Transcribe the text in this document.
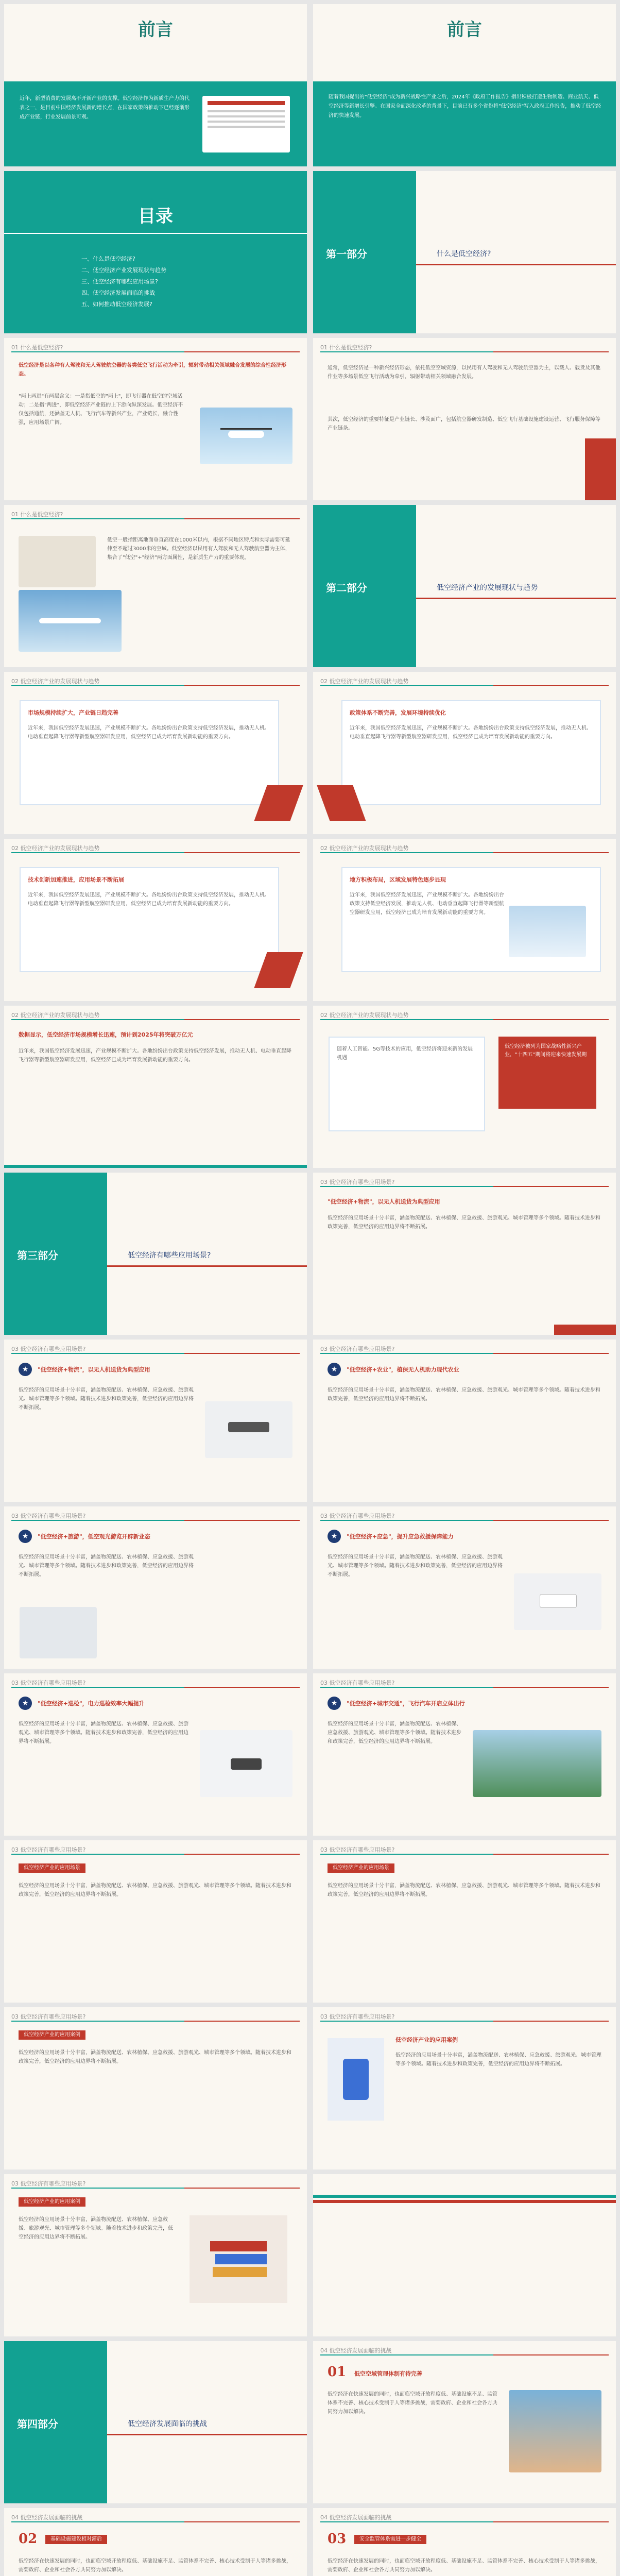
前言
近年，新型消费的发展离不开新产业的支撑。低空经济作为新质生产力的代表之一，是目前中国经济发展新的增长点，在国家政策的推动下已经逐渐形成产业链，行业发展前景可观。
前言
随着我国提出的"低空经济"成为新兴战略性产业之后，2024年《政府工作报告》指出积极打造生物制造、商业航天、低空经济等新增长引擎。在国家全面深化改革的背景下，目前已有多个省份将"低空经济"写入政府工作报告，推动了低空经济的快速发展。
目录
一、什么是低空经济?
二、低空经济产业发展现状与趋势
三、低空经济有哪些应用场景?
四、低空经济发展面临的挑战
五、如何推动低空经济发展?
第一部分	什么是低空经济?
01 什么是低空经济?
低空经济是以各种有人驾驶和无人驾驶航空器的各类低空飞行活动为牵引，辐射带动相关领域融合发展的综合性经济形态。
"两上两进"有两层含义：一是指低空的"两上"，即飞行器在低空的空域活动；二是指"两进"，即低空经济产业链的上下游向纵深发展。低空经济不仅包括通航，还涵盖无人机、飞行汽车等新兴产业，产业链长，融合性强，应用场景广阔。
01 什么是低空经济?
通常，低空经济是一种新兴经济形态，依托低空空域资源，以民用有人驾驶和无人驾驶航空器为主，以载人、载货及其他作业等多场景低空飞行活动为牵引，辐射带动相关领域融合发展。
其次，低空经济的重要特征是产业链长、涉及面广，包括航空器研发制造、低空飞行基础设施建设运营、飞行服务保障等产业链条。
01 什么是低空经济?
低空一般指距离地面垂直高度在1000米以内，根据不同地区特点和实际需要可延伸至不超过3000米的空域。低空经济以民用有人驾驶和无人驾驶航空器为主体，集合了"低空"+"经济"两方面属性，是新质生产力的重要体现。
第二部分	低空经济产业的发展现状与趋势
02 低空经济产业的发展现状与趋势
市场规模持续扩大，产业链日趋完善
近年来，我国低空经济发展迅速，产业规模不断扩大。各地纷纷出台政策支持低空经济发展，推动无人机、电动垂直起降飞行器等新型航空器研发应用，低空经济已成为培育发展新动能的重要方向。
02 低空经济产业的发展现状与趋势
政策体系不断完善，发展环境持续优化
近年来，我国低空经济发展迅速，产业规模不断扩大。各地纷纷出台政策支持低空经济发展，推动无人机、电动垂直起降飞行器等新型航空器研发应用，低空经济已成为培育发展新动能的重要方向。
02 低空经济产业的发展现状与趋势
技术创新加速推进，应用场景不断拓展
近年来，我国低空经济发展迅速，产业规模不断扩大。各地纷纷出台政策支持低空经济发展，推动无人机、电动垂直起降飞行器等新型航空器研发应用，低空经济已成为培育发展新动能的重要方向。
02 低空经济产业的发展现状与趋势
地方积极布局，区域发展特色逐步显现
近年来，我国低空经济发展迅速，产业规模不断扩大。各地纷纷出台政策支持低空经济发展，推动无人机、电动垂直起降飞行器等新型航空器研发应用，低空经济已成为培育发展新动能的重要方向。
02 低空经济产业的发展现状与趋势
数据显示，低空经济市场规模增长迅速，预计到2025年将突破万亿元
近年来，我国低空经济发展迅速，产业规模不断扩大。各地纷纷出台政策支持低空经济发展，推动无人机、电动垂直起降飞行器等新型航空器研发应用，低空经济已成为培育发展新动能的重要方向。
02 低空经济产业的发展现状与趋势
随着人工智能、5G等技术的应用，低空经济将迎来新的发展机遇
低空经济被列为国家战略性新兴产业，"十四五"期间将迎来快速发展期
第三部分	低空经济有哪些应用场景?
03 低空经济有哪些应用场景?
"低空经济+物流"，以无人机送货为典型应用
低空经济的应用场景十分丰富，涵盖物流配送、农林植保、应急救援、旅游观光、城市管理等多个领域。随着技术进步和政策完善，低空经济的应用边界将不断拓展。
03 低空经济有哪些应用场景?
★	"低空经济+物流"，以无人机送货为典型应用
低空经济的应用场景十分丰富，涵盖物流配送、农林植保、应急救援、旅游观光、城市管理等多个领域。随着技术进步和政策完善，低空经济的应用边界将不断拓展。
03 低空经济有哪些应用场景?
★	"低空经济+农业"，植保无人机助力现代农业
低空经济的应用场景十分丰富，涵盖物流配送、农林植保、应急救援、旅游观光、城市管理等多个领域。随着技术进步和政策完善，低空经济的应用边界将不断拓展。
03 低空经济有哪些应用场景?
★	"低空经济+旅游"，低空观光游览开辟新业态
低空经济的应用场景十分丰富，涵盖物流配送、农林植保、应急救援、旅游观光、城市管理等多个领域。随着技术进步和政策完善，低空经济的应用边界将不断拓展。
03 低空经济有哪些应用场景?
★	"低空经济+应急"，提升应急救援保障能力
低空经济的应用场景十分丰富，涵盖物流配送、农林植保、应急救援、旅游观光、城市管理等多个领域。随着技术进步和政策完善，低空经济的应用边界将不断拓展。
03 低空经济有哪些应用场景?
★	"低空经济+巡检"，电力巡检效率大幅提升
低空经济的应用场景十分丰富，涵盖物流配送、农林植保、应急救援、旅游观光、城市管理等多个领域。随着技术进步和政策完善，低空经济的应用边界将不断拓展。
03 低空经济有哪些应用场景?
★	"低空经济+城市交通"，飞行汽车开启立体出行
低空经济的应用场景十分丰富，涵盖物流配送、农林植保、应急救援、旅游观光、城市管理等多个领域。随着技术进步和政策完善，低空经济的应用边界将不断拓展。
03 低空经济有哪些应用场景?
低空经济产业的应用场景
低空经济的应用场景十分丰富，涵盖物流配送、农林植保、应急救援、旅游观光、城市管理等多个领域。随着技术进步和政策完善，低空经济的应用边界将不断拓展。
03 低空经济有哪些应用场景?
低空经济产业的应用场景
低空经济的应用场景十分丰富，涵盖物流配送、农林植保、应急救援、旅游观光、城市管理等多个领域。随着技术进步和政策完善，低空经济的应用边界将不断拓展。
03 低空经济有哪些应用场景?
低空经济产业的应用案例
低空经济的应用场景十分丰富，涵盖物流配送、农林植保、应急救援、旅游观光、城市管理等多个领域。随着技术进步和政策完善，低空经济的应用边界将不断拓展。
03 低空经济有哪些应用场景?
低空经济产业的应用案例
低空经济的应用场景十分丰富，涵盖物流配送、农林植保、应急救援、旅游观光、城市管理等多个领域。随着技术进步和政策完善，低空经济的应用边界将不断拓展。
03 低空经济有哪些应用场景?
低空经济产业的应用案例
低空经济的应用场景十分丰富，涵盖物流配送、农林植保、应急救援、旅游观光、城市管理等多个领域。随着技术进步和政策完善，低空经济的应用边界将不断拓展。
第四部分	低空经济发展面临的挑战
04 低空经济发展面临的挑战
01 低空空域管理体制有待完善
低空经济在快速发展的同时，也面临空域开放程度低、基础设施不足、监管体系不完善、核心技术受制于人等诸多挑战，需要政府、企业和社会各方共同努力加以解决。
04 低空经济发展面临的挑战
02	基础设施建设相对滞后
低空经济在快速发展的同时，也面临空域开放程度低、基础设施不足、监管体系不完善、核心技术受制于人等诸多挑战，需要政府、企业和社会各方共同努力加以解决。
04 低空经济发展面临的挑战
03	安全监管体系需进一步健全
低空经济在快速发展的同时，也面临空域开放程度低、基础设施不足、监管体系不完善、核心技术受制于人等诸多挑战，需要政府、企业和社会各方共同努力加以解决。
